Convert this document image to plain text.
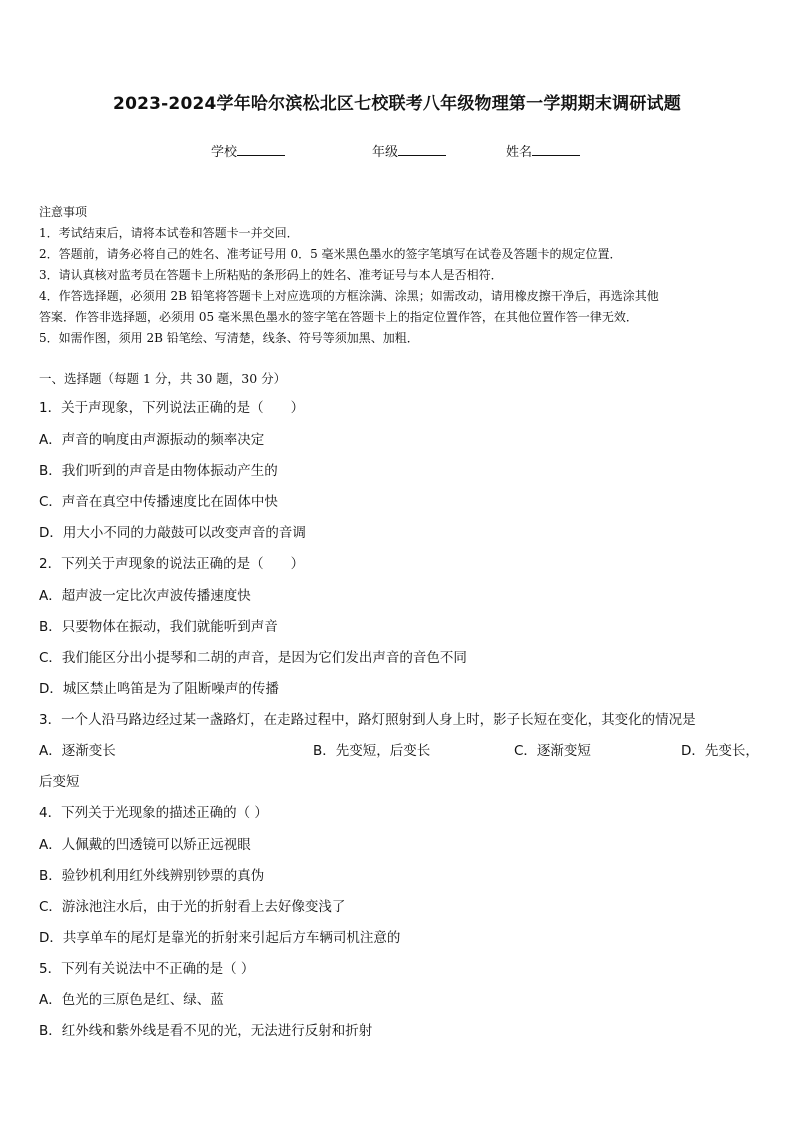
2023-2024学年哈尔滨松北区七校联考八年级物理第一学期期末调研试题
学校	年级	姓名
注意事项
1．考试结束后，请将本试卷和答题卡一并交回．
2．答题前，请务必将自己的姓名、准考证号用 0．5 毫米黑色墨水的签字笔填写在试卷及答题卡的规定位置．
3．请认真核对监考员在答题卡上所粘贴的条形码上的姓名、准考证号与本人是否相符．
4．作答选择题，必须用 2B 铅笔将答题卡上对应选项的方框涂满、涂黑；如需改动，请用橡皮擦干净后，再选涂其他
答案．作答非选择题，必须用 05 毫米黑色墨水的签字笔在答题卡上的指定位置作答，在其他位置作答一律无效．
5．如需作图，须用 2B 铅笔绘、写清楚，线条、符号等须加黑、加粗．
一、选择题（每题 1 分，共 30 题，30 分）
1．关于声现象，下列说法正确的是（　　）
A．声音的响度由声源振动的频率决定
B．我们听到的声音是由物体振动产生的
C．声音在真空中传播速度比在固体中快
D．用大小不同的力敲鼓可以改变声音的音调
2．下列关于声现象的说法正确的是（　　）
A．超声波一定比次声波传播速度快
B．只要物体在振动，我们就能听到声音
C．我们能区分出小提琴和二胡的声音，是因为它们发出声音的音色不同
D．城区禁止鸣笛是为了阻断噪声的传播
3．一个人沿马路边经过某一盏路灯，在走路过程中，路灯照射到人身上时，影子长短在变化，其变化的情况是
A．逐渐变长	B．先变短，后变长	C．逐渐变短	D．先变长，
后变短
4．下列关于光现象的描述正确的（ ）
A．人佩戴的凹透镜可以矫正远视眼
B．验钞机利用红外线辨别钞票的真伪
C．游泳池注水后，由于光的折射看上去好像变浅了
D．共享单车的尾灯是靠光的折射来引起后方车辆司机注意的
5．下列有关说法中不正确的是（ ）
A．色光的三原色是红、绿、蓝
B．红外线和紫外线是看不见的光，无法进行反射和折射
